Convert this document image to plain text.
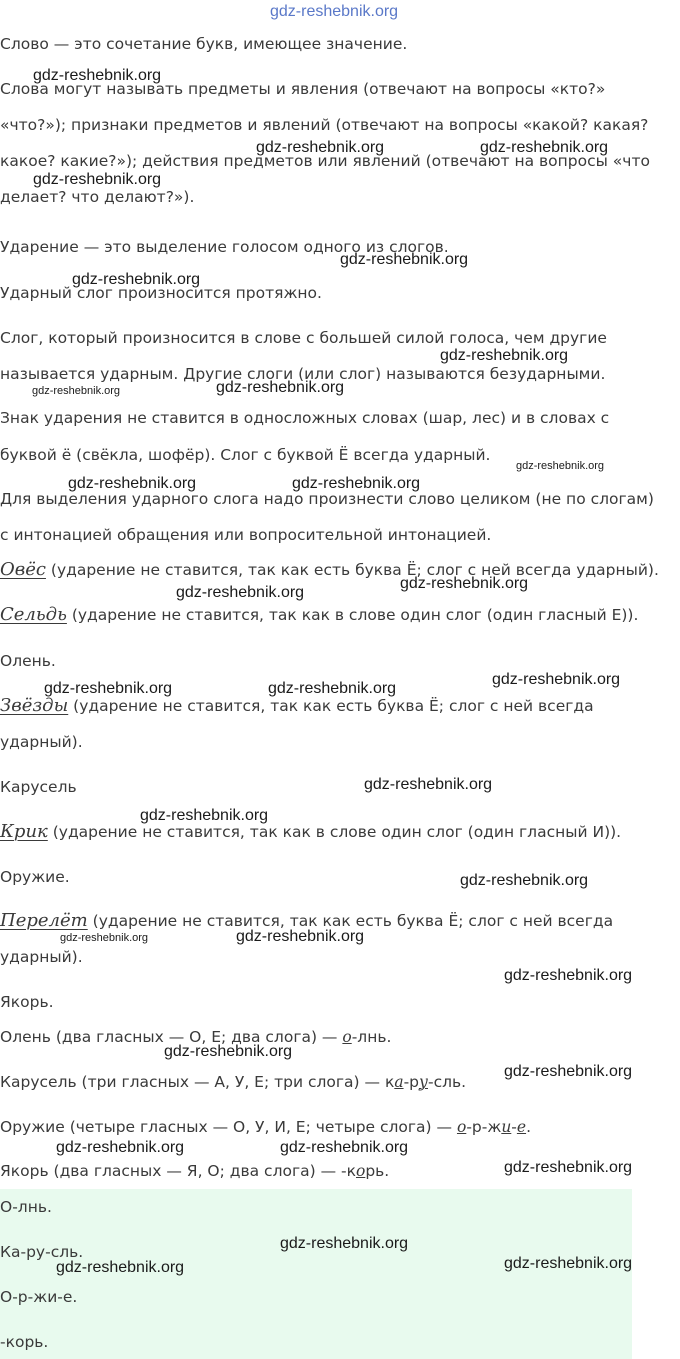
Слово — это сочетание букв, имеющее значение.
Слова могут называть предметы и явления (отвечают на вопросы «кто?»
«что?»); признаки предметов и явлений (отвечают на вопросы «какой? какая?
какое? какие?»); действия предметов или явлений (отвечают на вопросы «что
делает? что делают?»).
Ударение — это выделение голосом одного из слогов.
Ударный слог произносится протяжно.
Слог, который произносится в слове с большей силой голоса, чем другие
называется ударным. Другие слоги (или слог) называются безударными.
Знак ударения не ставится в односложных словах (шар, лес) и в словах с
буквой ё (свёкла, шофёр). Слог с буквой Ё всегда ударный.
Для выделения ударного слога надо произнести слово целиком (не по слогам)
с интонацией обращения или вопросительной интонацией.
Овёс (ударение не ставится, так как есть буква Ё; слог с ней всегда ударный).
Сельдь (ударение не ставится, так как в слове один слог (один гласный Е)).
Олень.
Звёзды (ударение не ставится, так как есть буква Ё; слог с ней всегда
ударный).
Карусель
Крик (ударение не ставится, так как в слове один слог (один гласный И)).
Оружие.
Перелёт (ударение не ставится, так как есть буква Ё; слог с ней всегда
ударный).
Якорь.
Олень (два гласных — О, Е; два слога) — о-лнь.
Карусель (три гласных — А, У, Е; три слога) — ка-ру-сль.
Оружие (четыре гласных — О, У, И, Е; четыре слога) — о-р-жи-е.
Якорь (два гласных — Я, О; два слога) — -корь.
О-лнь.
Ка-ру-сль.
О-р-жи-е.
-корь.
gdz-reshebnik.org
gdz-reshebnik.org
gdz-reshebnik.org	gdz-reshebnik.org
gdz-reshebnik.org
gdz-reshebnik.org
gdz-reshebnik.org
gdz-reshebnik.org
gdz-reshebnik.org	gdz-reshebnik.org
gdz-reshebnik.org
gdz-reshebnik.org	gdz-reshebnik.org
gdz-reshebnik.org
gdz-reshebnik.org
gdz-reshebnik.org
gdz-reshebnik.org	gdz-reshebnik.org
gdz-reshebnik.org
gdz-reshebnik.org
gdz-reshebnik.org
gdz-reshebnik.org	gdz-reshebnik.org
gdz-reshebnik.org
gdz-reshebnik.org
gdz-reshebnik.org
gdz-reshebnik.org	gdz-reshebnik.org
gdz-reshebnik.org
gdz-reshebnik.org
gdz-reshebnik.org	gdz-reshebnik.org
